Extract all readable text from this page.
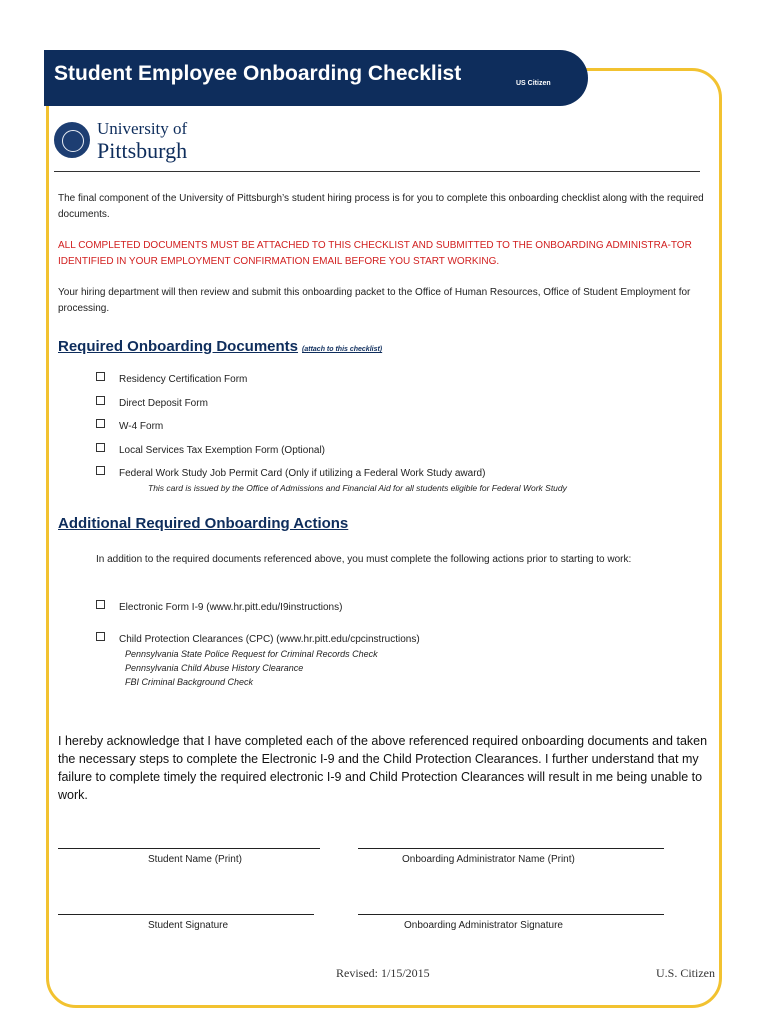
Student Employee Onboarding Checklist	US Citizen
University of
Pittsburgh
The final component of the University of Pittsburgh’s student hiring process is for you to complete this onboarding checklist along with the required documents.
ALL COMPLETED DOCUMENTS MUST BE ATTACHED TO THIS CHECKLIST AND SUBMITTED TO THE ONBOARDING ADMINISTRA-TOR IDENTIFIED IN YOUR EMPLOYMENT CONFIRMATION EMAIL BEFORE YOU START WORKING.
Your hiring department will then review and submit this onboarding packet to the Office of Human Resources, Office of Student Employment for processing.
Required Onboarding Documents (attach to this checklist)
Residency Certification Form
Direct Deposit Form
W-4 Form
Local Services Tax Exemption Form (Optional)
Federal Work Study Job Permit Card (Only if utilizing a Federal Work Study award)
This card is issued by the Office of Admissions and Financial Aid for all students eligible for Federal Work Study
Additional Required Onboarding Actions
In addition to the required documents referenced above, you must complete the following actions prior to starting to work:
Electronic Form I-9 (www.hr.pitt.edu/I9instructions)
Child Protection Clearances (CPC) (www.hr.pitt.edu/cpcinstructions)
Pennsylvania State Police Request for Criminal Records Check
Pennsylvania Child Abuse History Clearance
FBI Criminal Background Check
I hereby acknowledge that I have completed each of the above referenced required onboarding documents and taken the necessary steps to complete the Electronic I-9 and the Child Protection Clearances. I further understand that my failure to complete timely the required electronic I-9 and Child Protection Clearances will result in me being unable to work.
Student Name (Print)	Onboarding Administrator Name (Print)
Student Signature	Onboarding Administrator Signature
Revised: 1/15/2015	U.S. Citizen
